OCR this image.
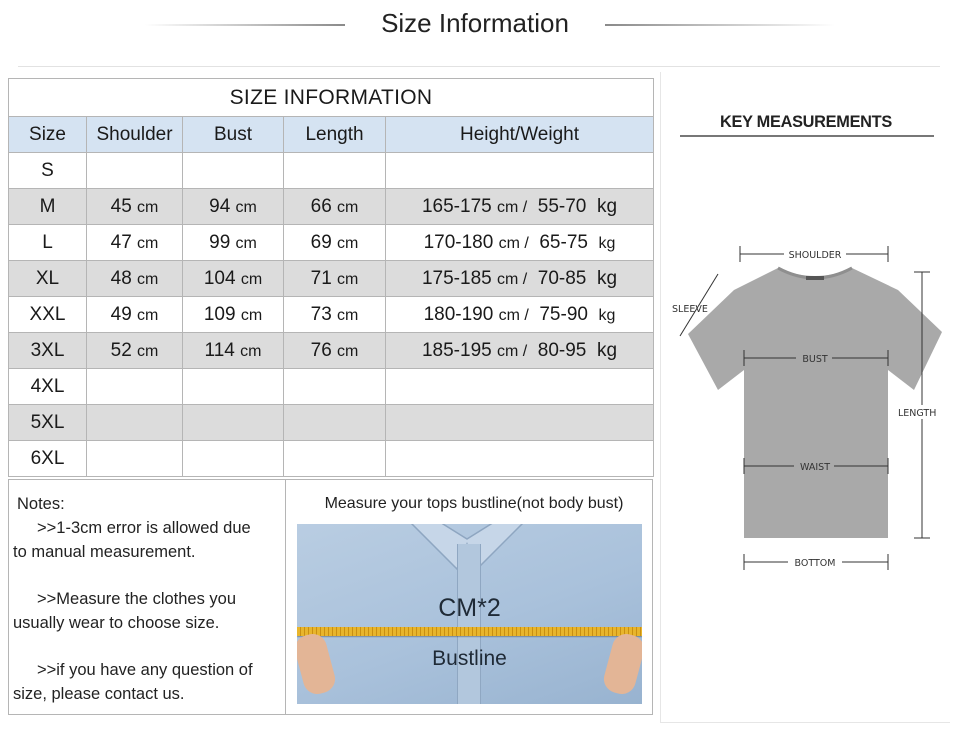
Size Information
SIZE INFORMATION				
Size	Shoulder	Bust	Length	Height/Weight
S				
M	45 cm	94 cm	66 cm	165-175 cm / 55-70 kg
L	47 cm	99 cm	69 cm	170-180 cm / 65-75 kg
XL	48 cm	104 cm	71 cm	175-185 cm / 70-85 kg
XXL	49 cm	109 cm	73 cm	180-190 cm / 75-90 kg
3XL	52 cm	114 cm	76 cm	185-195 cm / 80-95 kg
4XL				
5XL				
6XL				
Notes:
>>1-3cm error is allowed due
to manual measurement.
>>Measure the clothes you
usually wear to choose size.
>>if you have any question of
size, please contact us.
Measure your tops bustline(not body bust)
CM*2
Bustline
KEY MEASUREMENTS
SHOULDER
SLEEVE
BUST
WAIST
LENGTH
BOTTOM
